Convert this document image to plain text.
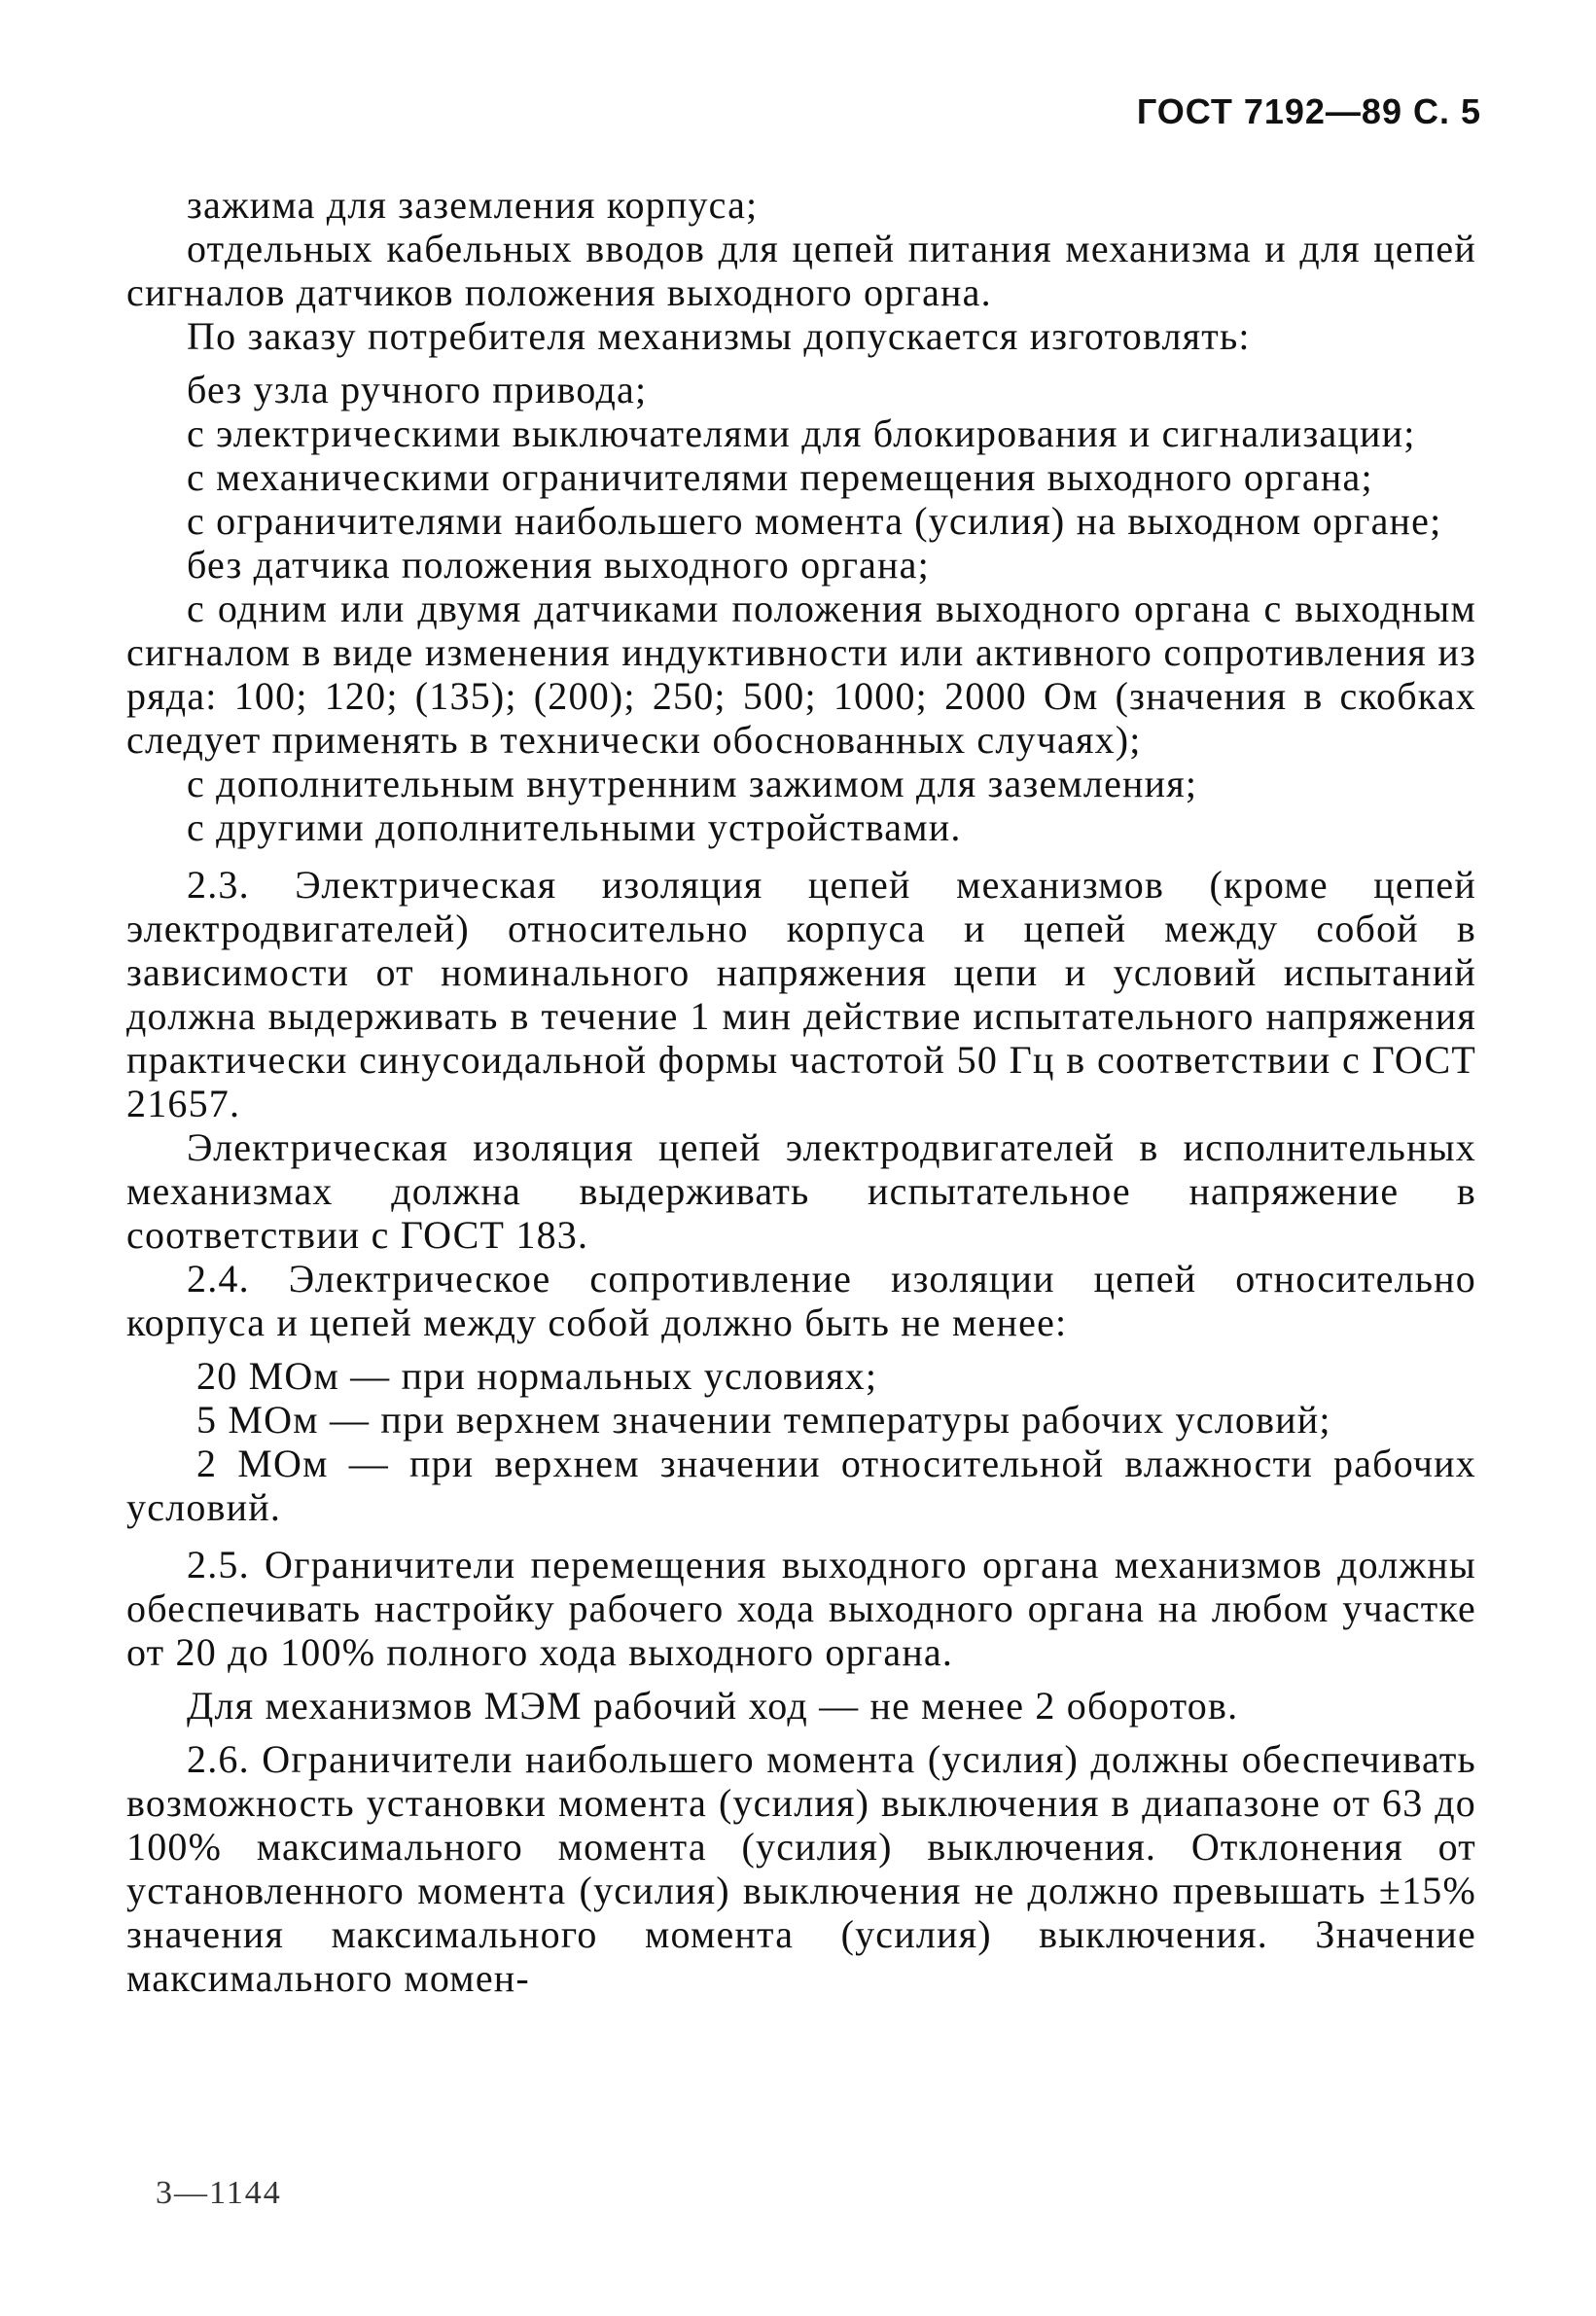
ГОСТ 7192—89 С. 5

зажима для заземления корпуса;

отдельных кабельных вводов для цепей питания механизма и для цепей сигналов датчиков положения выходного органа.

По заказу потребителя механизмы допускается изготовлять:

без узла ручного привода;

с электрическими выключателями для блокирования и сигнализации;

с механическими ограничителями перемещения выходного органа;

с ограничителями наибольшего момента (усилия) на выходном органе;

без датчика положения выходного органа;

с одним или двумя датчиками положения выходного органа с выходным сигналом в виде изменения индуктивности или активного сопротивления из ряда: 100; 120; (135); (200); 250; 500; 1000; 2000 Ом (значения в скобках следует применять в технически обоснованных случаях);

с дополнительным внутренним зажимом для заземления;

с другими дополнительными устройствами.

2.3. Электрическая изоляция цепей механизмов (кроме цепей электродвигателей) относительно корпуса и цепей между собой в зависимости от номинального напряжения цепи и условий испытаний должна выдерживать в течение 1 мин действие испытательного напряжения практически синусоидальной формы частотой 50 Гц в соответствии с ГОСТ 21657.

Электрическая изоляция цепей электродвигателей в исполнительных механизмах должна выдерживать испытательное напряжение в соответствии с ГОСТ 183.

2.4. Электрическое сопротивление изоляции цепей относительно корпуса и цепей между собой должно быть не менее:

20 МОм — при нормальных условиях;

5 МОм — при верхнем значении температуры рабочих условий;

2 МОм — при верхнем значении относительной влажности рабочих условий.

2.5. Ограничители перемещения выходного органа механизмов должны обеспечивать настройку рабочего хода выходного органа на любом участке от 20 до 100% полного хода выходного органа.

Для механизмов МЭМ рабочий ход — не менее 2 оборотов.

2.6. Ограничители наибольшего момента (усилия) должны обеспечивать возможность установки момента (усилия) выключения в диапазоне от 63 до 100% максимального момента (усилия) выключения. Отклонения от установленного момента (усилия) выключения не должно превышать ±15% значения максимального момента (усилия) выключения. Значение максимального момен-

3—1144
